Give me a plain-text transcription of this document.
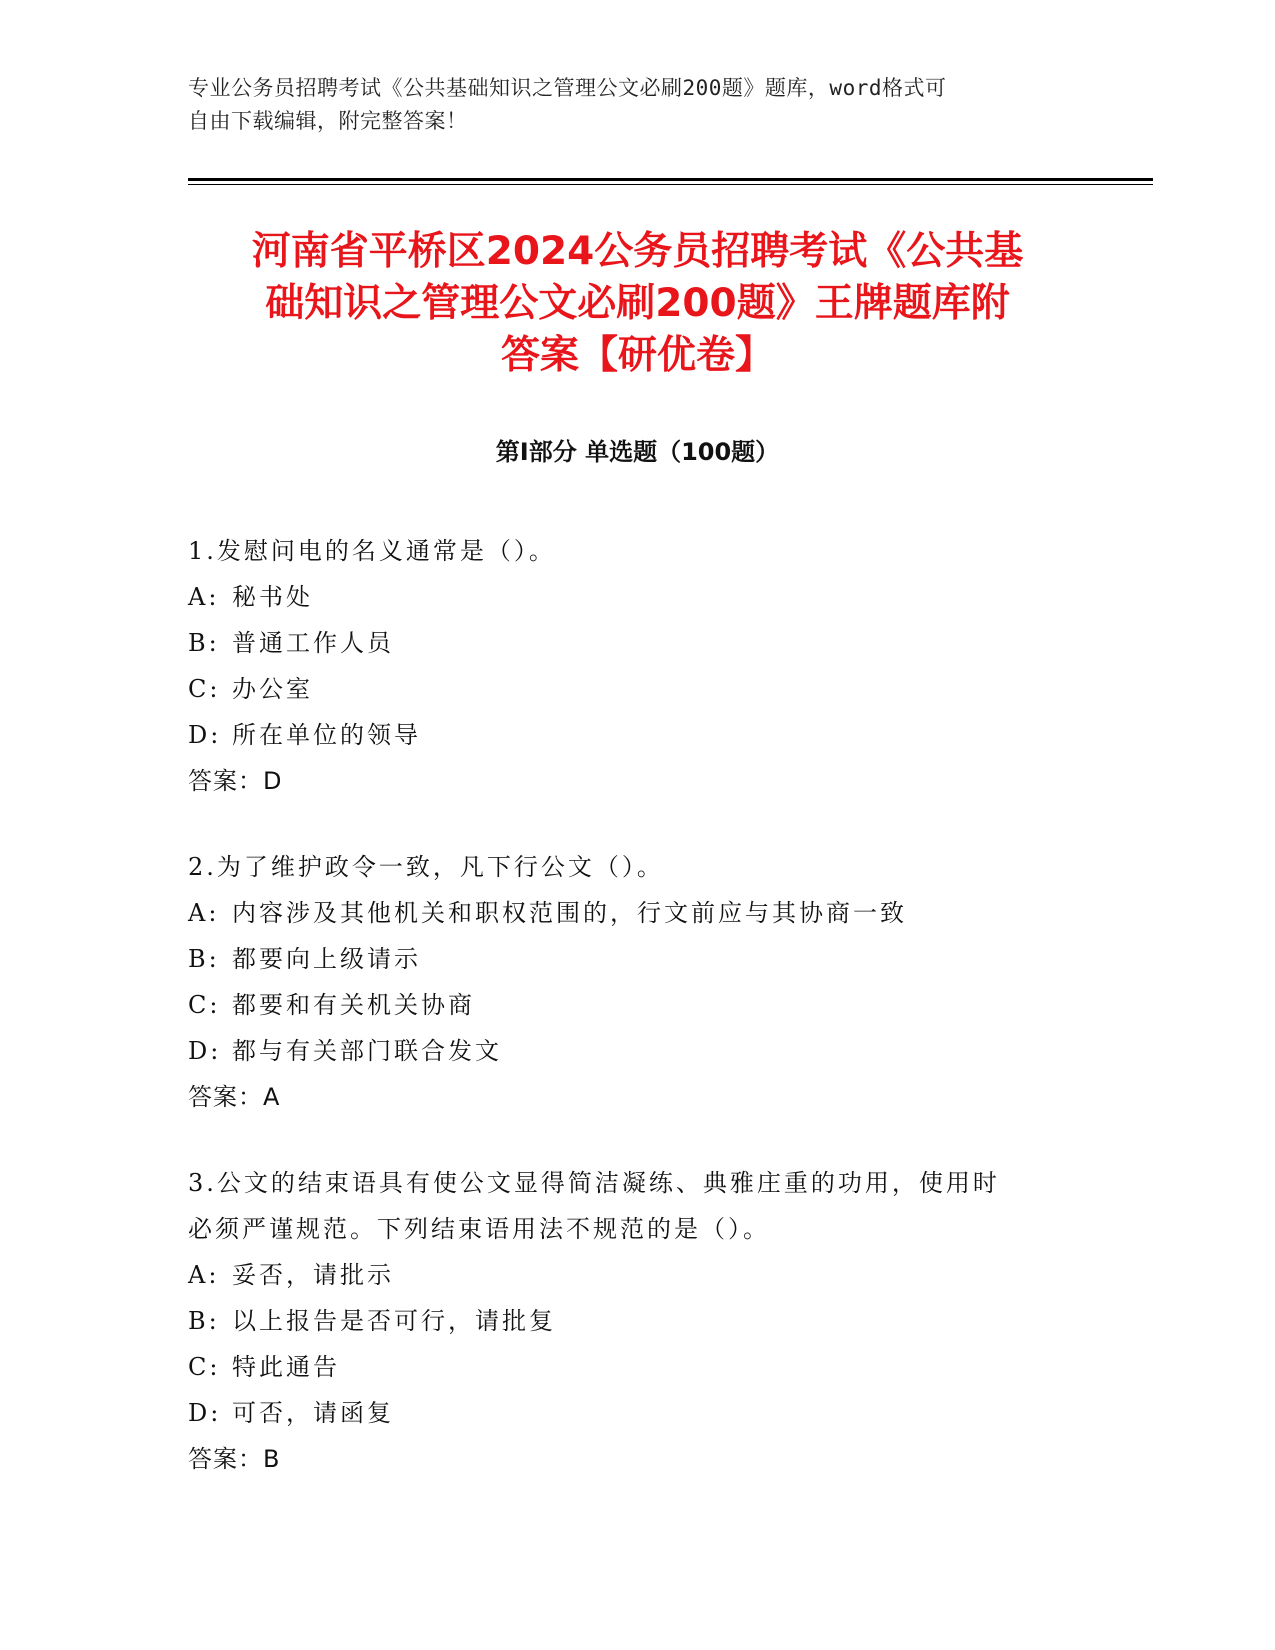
专业公务员招聘考试《公共基础知识之管理公文必刷200题》题库，word格式可
自由下载编辑，附完整答案！
河南省平桥区2024公务员招聘考试《公共基
础知识之管理公文必刷200题》王牌题库附
答案【研优卷】
第Ⅰ部分 单选题（100题）
1.发慰问电的名义通常是（）。
A: 秘书处
B: 普通工作人员
C: 办公室
D: 所在单位的领导
答案：D
2.为了维护政令一致，凡下行公文（）。
A: 内容涉及其他机关和职权范围的，行文前应与其协商一致
B: 都要向上级请示
C: 都要和有关机关协商
D: 都与有关部门联合发文
答案：A
3.公文的结束语具有使公文显得简洁凝练、典雅庄重的功用，使用时
必须严谨规范。下列结束语用法不规范的是（）。
A: 妥否，请批示
B: 以上报告是否可行，请批复
C: 特此通告
D: 可否，请函复
答案：B
